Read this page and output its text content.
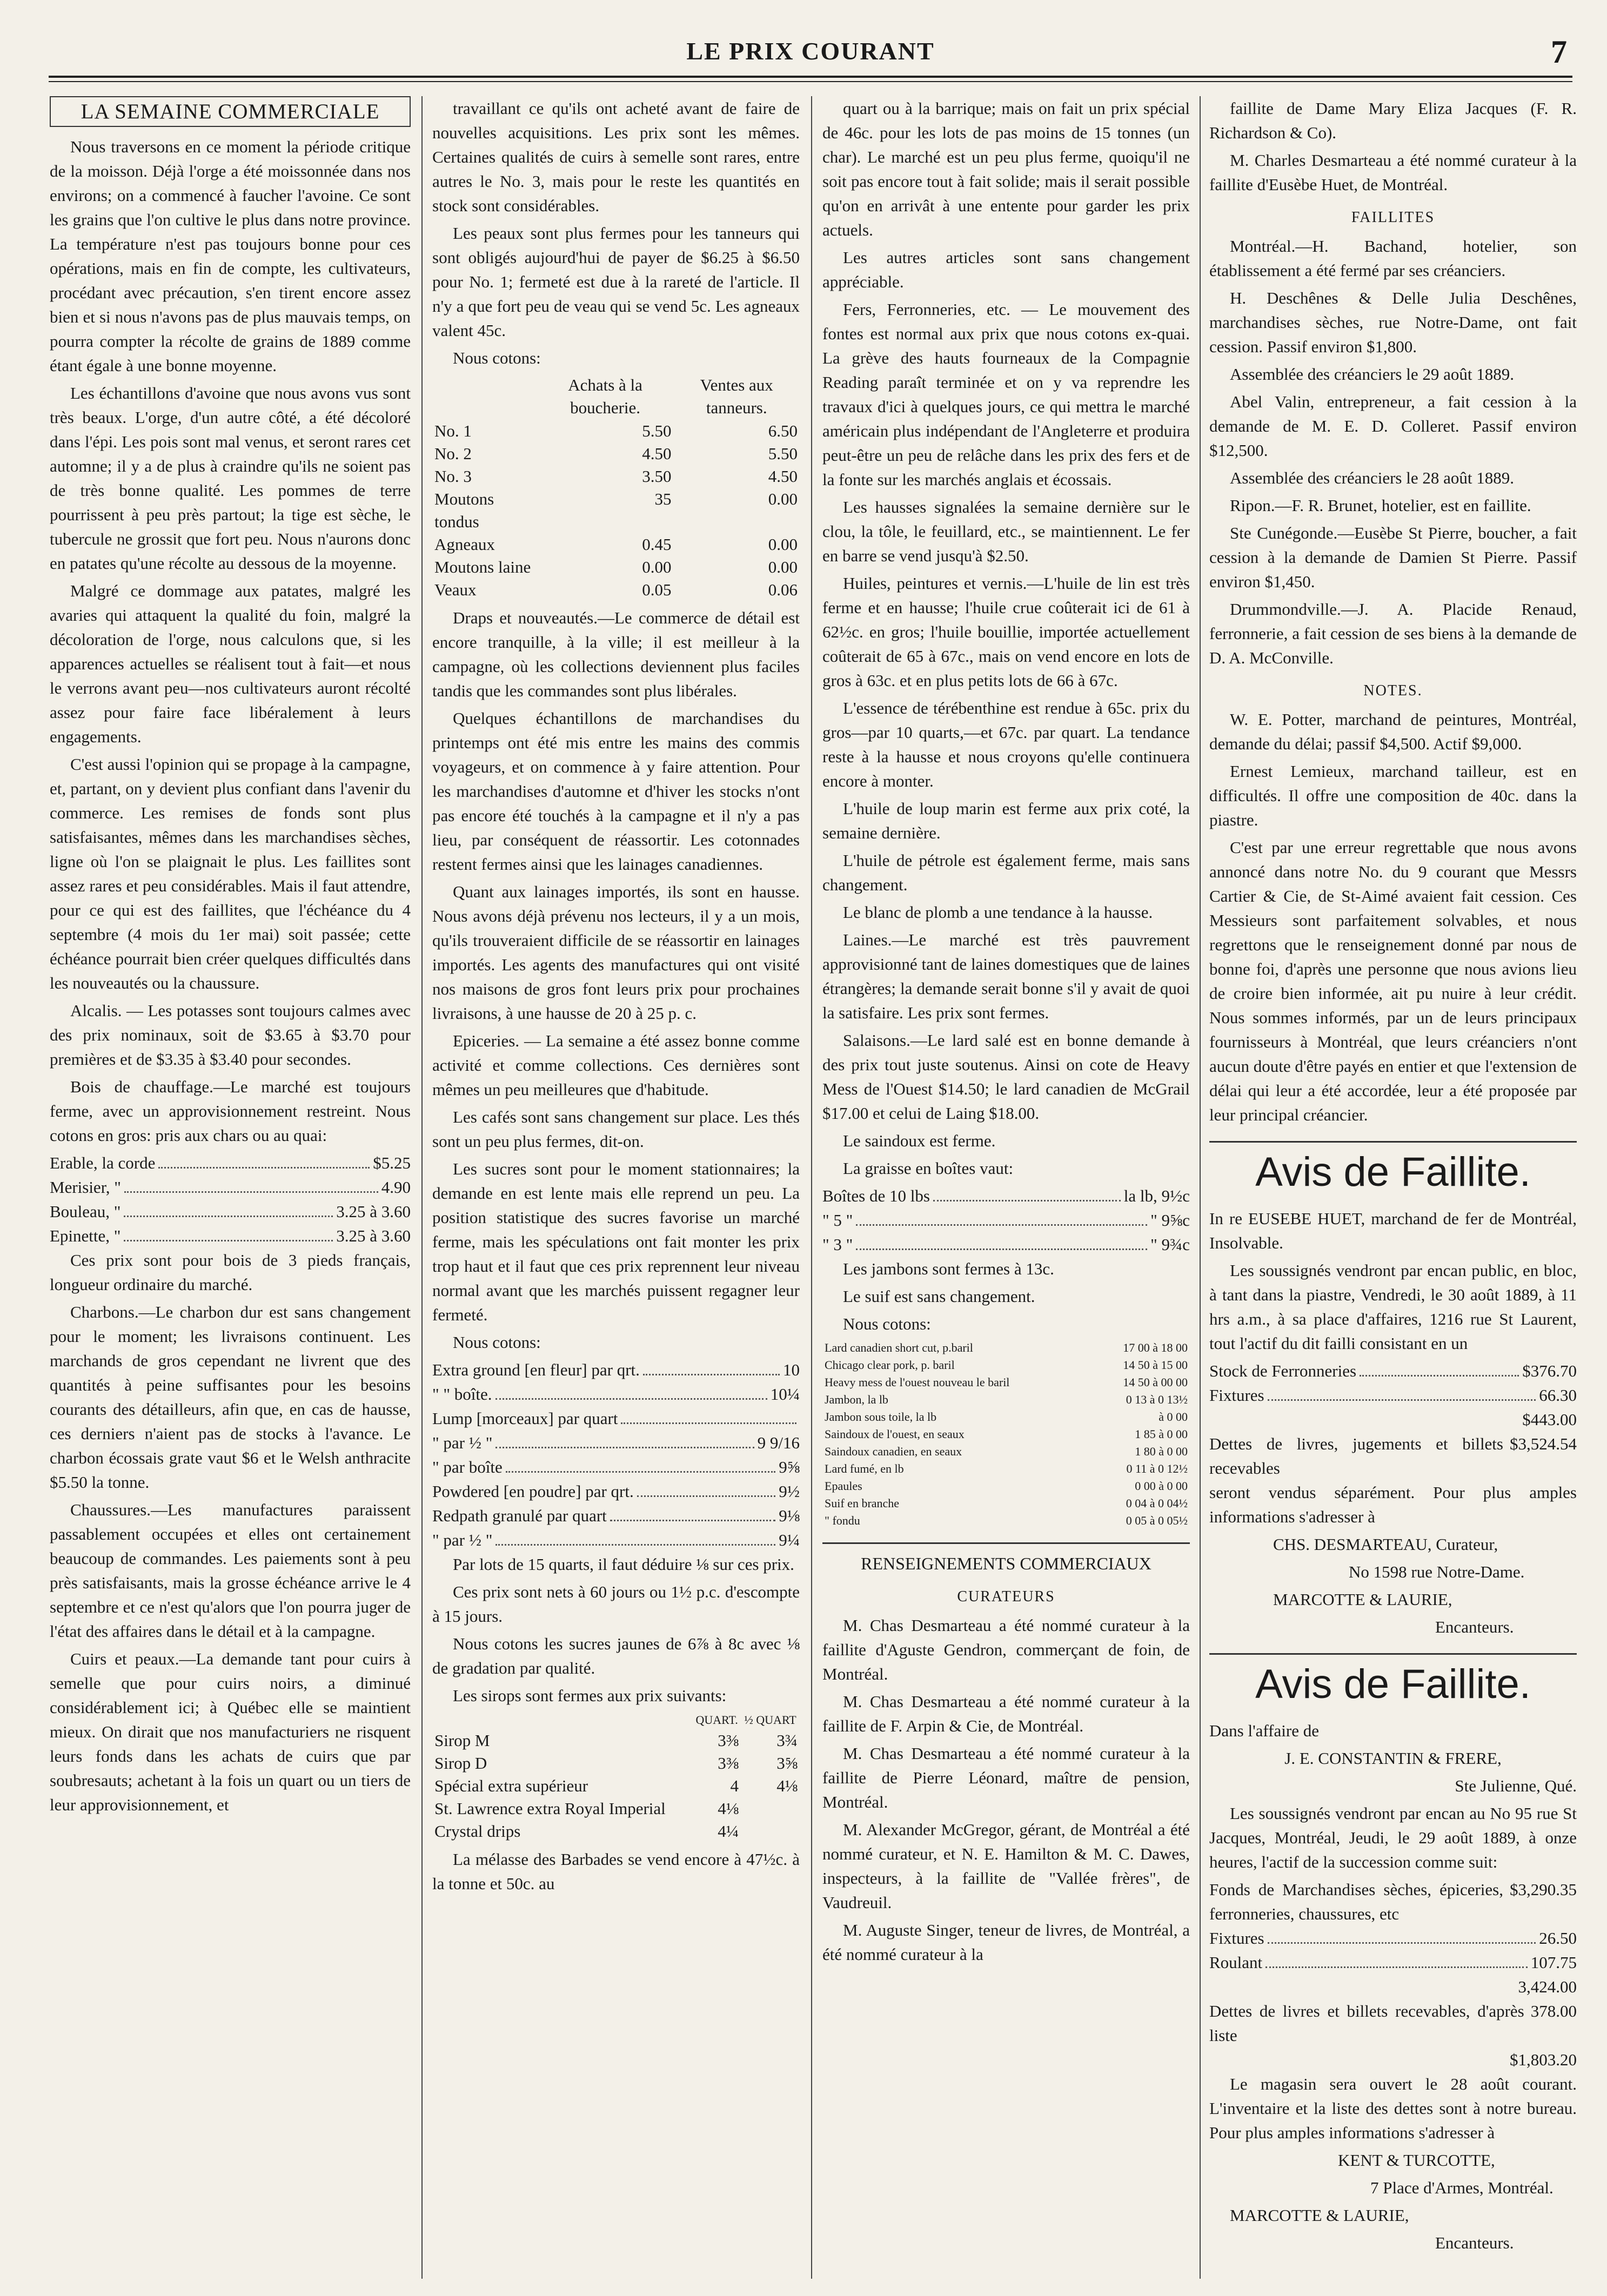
LE PRIX COURANT	7
LA SEMAINE COMMERCIALE

Nous traversons en ce moment la période critique de la moisson. Déjà l'orge a été moissonnée dans nos environs; on a commencé à faucher l'avoine. Ce sont les grains que l'on cultive le plus dans notre province. La température n'est pas toujours bonne pour ces opérations, mais en fin de compte, les cultivateurs, procédant avec précaution, s'en tirent encore assez bien et si nous n'avons pas de plus mauvais temps, on pourra compter la récolte de grains de 1889 comme étant égale à une bonne moyenne.

Les échantillons d'avoine que nous avons vus sont très beaux. L'orge, d'un autre côté, a été décoloré dans l'épi. Les pois sont mal venus, et seront rares cet automne; il y a de plus à craindre qu'ils ne soient pas de très bonne qualité. Les pommes de terre pourrissent à peu près partout; la tige est sèche, le tubercule ne grossit que fort peu. Nous n'aurons donc en patates qu'une récolte au dessous de la moyenne.

Malgré ce dommage aux patates, malgré les avaries qui attaquent la qualité du foin, malgré la décoloration de l'orge, nous calculons que, si les apparences actuelles se réalisent tout à fait—et nous le verrons avant peu—nos cultivateurs auront récolté assez pour faire face libéralement à leurs engagements.

C'est aussi l'opinion qui se propage à la campagne, et, partant, on y devient plus confiant dans l'avenir du commerce. Les remises de fonds sont plus satisfaisantes, mêmes dans les marchandises sèches, ligne où l'on se plaignait le plus. Les faillites sont assez rares et peu considérables. Mais il faut attendre, pour ce qui est des faillites, que l'échéance du 4 septembre (4 mois du 1er mai) soit passée; cette échéance pourrait bien créer quelques difficultés dans les nouveautés ou la chaussure.

Alcalis. — Les potasses sont toujours calmes avec des prix nominaux, soit de $3.65 à $3.70 pour premières et de $3.35 à $3.40 pour secondes.

Bois de chauffage.—Le marché est toujours ferme, avec un approvisionnement restreint. Nous cotons en gros: pris aux chars ou au quai:

Erable, la corde	$5.25
Merisier, "	4.90
Bouleau, "	3.25 à 3.60
Epinette, "	3.25 à 3.60

Ces prix sont pour bois de 3 pieds français, longueur ordinaire du marché.

Charbons.—Le charbon dur est sans changement pour le moment; les livraisons continuent. Les marchands de gros cependant ne livrent que des quantités à peine suffisantes pour les besoins courants des détailleurs, afin que, en cas de hausse, ces derniers n'aient pas de stocks à l'avance. Le charbon écossais grate vaut $6 et le Welsh anthracite $5.50 la tonne.

Chaussures.—Les manufactures paraissent passablement occupées et elles ont certainement beaucoup de commandes. Les paiements sont à peu près satisfaisants, mais la grosse échéance arrive le 4 septembre et ce n'est qu'alors que l'on pourra juger de l'état des affaires dans le détail et à la campagne.

Cuirs et peaux.—La demande tant pour cuirs à semelle que pour cuirs noirs, a diminué considérablement ici; à Québec elle se maintient mieux. On dirait que nos manufacturiers ne risquent leurs fonds dans les achats de cuirs que par soubresauts; achetant à la fois un quart ou un tiers de leur approvisionnement, et

travaillant ce qu'ils ont acheté avant de faire de nouvelles acquisitions. Les prix sont les mêmes. Certaines qualités de cuirs à semelle sont rares, entre autres le No. 3, mais pour le reste les quantités en stock sont considérables.

Les peaux sont plus fermes pour les tanneurs qui sont obligés aujourd'hui de payer de $6.25 à $6.50 pour No. 1; fermeté est due à la rareté de l'article. Il n'y a que fort peu de veau qui se vend 5c. Les agneaux valent 45c.

Nous cotons:

	Achats à la boucherie.	Ventes aux tanneurs.
No. 1	5.50	6.50
No. 2	4.50	5.50
No. 3	3.50	4.50
Moutons tondus	35	0.00
Agneaux	0.45	0.00
Moutons laine	0.00	0.00
Veaux	0.05	0.06

Draps et nouveautés.—Le commerce de détail est encore tranquille, à la ville; il est meilleur à la campagne, où les collections deviennent plus faciles tandis que les commandes sont plus libérales.

Quelques échantillons de marchandises du printemps ont été mis entre les mains des commis voyageurs, et on commence à y faire attention. Pour les marchandises d'automne et d'hiver les stocks n'ont pas encore été touchés à la campagne et il n'y a pas lieu, par conséquent de réassortir. Les cotonnades restent fermes ainsi que les lainages canadiennes.

Quant aux lainages importés, ils sont en hausse. Nous avons déjà prévenu nos lecteurs, il y a un mois, qu'ils trouveraient difficile de se réassortir en lainages importés. Les agents des manufactures qui ont visité nos maisons de gros font leurs prix pour prochaines livraisons, à une hausse de 20 à 25 p. c.

Epiceries. — La semaine a été assez bonne comme activité et comme collections. Ces dernières sont mêmes un peu meilleures que d'habitude.

Les cafés sont sans changement sur place. Les thés sont un peu plus fermes, dit-on.

Les sucres sont pour le moment stationnaires; la demande en est lente mais elle reprend un peu. La position statistique des sucres favorise un marché ferme, mais les spéculations ont fait monter les prix trop haut et il faut que ces prix reprennent leur niveau normal avant que les marchés puissent regagner leur fermeté.

Nous cotons:

Extra ground [en fleur] par qrt.	10
" " boîte.	10¼
Lump [morceaux] par quart
" par ½ "	9 9/16
" par boîte	9⅝
Powdered [en poudre] par qrt.	9½
Redpath granulé par quart	9⅛
" par ½ "	9¼

Par lots de 15 quarts, il faut déduire ⅛ sur ces prix.

Ces prix sont nets à 60 jours ou 1½ p.c. d'escompte à 15 jours.

Nous cotons les sucres jaunes de 6⅞ à 8c avec ⅛ de gradation par qualité.

Les sirops sont fermes aux prix suivants:

	QUART.	½ QUART
Sirop M	3⅜	3¾
Sirop D	3⅜	3⅝
Spécial extra supérieur	4	4⅛
St. Lawrence extra Royal Imperial	4⅛	
Crystal drips	4¼	

La mélasse des Barbades se vend encore à 47½c. à la tonne et 50c. au

quart ou à la barrique; mais on fait un prix spécial de 46c. pour les lots de pas moins de 15 tonnes (un char). Le marché est un peu plus ferme, quoiqu'il ne soit pas encore tout à fait solide; mais il serait possible qu'on en arrivât à une entente pour garder les prix actuels.

Les autres articles sont sans changement appréciable.

Fers, Ferronneries, etc. — Le mouvement des fontes est normal aux prix que nous cotons ex-quai. La grève des hauts fourneaux de la Compagnie Reading paraît terminée et on y va reprendre les travaux d'ici à quelques jours, ce qui mettra le marché américain plus indépendant de l'Angleterre et produira peut-être un peu de relâche dans les prix des fers et de la fonte sur les marchés anglais et écossais.

Les hausses signalées la semaine dernière sur le clou, la tôle, le feuillard, etc., se maintiennent. Le fer en barre se vend jusqu'à $2.50.

Huiles, peintures et vernis.—L'huile de lin est très ferme et en hausse; l'huile crue coûterait ici de 61 à 62½c. en gros; l'huile bouillie, importée actuellement coûterait de 65 à 67c., mais on vend encore en lots de gros à 63c. et en plus petits lots de 66 à 67c.

L'essence de térébenthine est rendue à 65c. prix du gros—par 10 quarts,—et 67c. par quart. La tendance reste à la hausse et nous croyons qu'elle continuera encore à monter.

L'huile de loup marin est ferme aux prix coté, la semaine dernière.

L'huile de pétrole est également ferme, mais sans changement.

Le blanc de plomb a une tendance à la hausse.

Laines.—Le marché est très pauvrement approvisionné tant de laines domestiques que de laines étrangères; la demande serait bonne s'il y avait de quoi la satisfaire. Les prix sont fermes.

Salaisons.—Le lard salé est en bonne demande à des prix tout juste soutenus. Ainsi on cote de Heavy Mess de l'Ouest $14.50; le lard canadien de McGrail $17.00 et celui de Laing $18.00.

Le saindoux est ferme.

La graisse en boîtes vaut:

Boîtes de 10 lbs	la lb, 9½c
" 5 "	" 9⅝c
" 3 "	" 9¾c

Les jambons sont fermes à 13c.

Le suif est sans changement.

Nous cotons:

Lard canadien short cut, p.baril	17 00 à 18 00
Chicago clear pork, p. baril	14 50 à 15 00
Heavy mess de l'ouest nouveau le baril	14 50 à 00 00
Jambon, la lb	0 13 à 0 13½
Jambon sous toile, la lb	à 0 00
Saindoux de l'ouest, en seaux	1 85 à 0 00
Saindoux canadien, en seaux	1 80 à 0 00
Lard fumé, en lb	0 11 à 0 12½
Epaules	0 00 à 0 00
Suif en branche	0 04 à 0 04½
" fondu	0 05 à 0 05½
RENSEIGNEMENTS COMMERCIAUX
CURATEURS

M. Chas Desmarteau a été nommé curateur à la faillite d'Aguste Gendron, commerçant de foin, de Montréal.

M. Chas Desmarteau a été nommé curateur à la faillite de F. Arpin & Cie, de Montréal.

M. Chas Desmarteau a été nommé curateur à la faillite de Pierre Léonard, maître de pension, Montréal.

M. Alexander McGregor, gérant, de Montréal a été nommé curateur, et N. E. Hamilton & M. C. Dawes, inspecteurs, à la faillite de "Vallée frères", de Vaudreuil.

M. Auguste Singer, teneur de livres, de Montréal, a été nommé curateur à la

faillite de Dame Mary Eliza Jacques (F. R. Richardson & Co).

M. Charles Desmarteau a été nommé curateur à la faillite d'Eusèbe Huet, de Montréal.

FAILLITES

Montréal.—H. Bachand, hotelier, son établissement a été fermé par ses créanciers.

H. Deschênes & Delle Julia Deschênes, marchandises sèches, rue Notre-Dame, ont fait cession. Passif environ $1,800.

Assemblée des créanciers le 29 août 1889.

Abel Valin, entrepreneur, a fait cession à la demande de M. E. D. Colleret. Passif environ $12,500.

Assemblée des créanciers le 28 août 1889.

Ripon.—F. R. Brunet, hotelier, est en faillite.

Ste Cunégonde.—Eusèbe St Pierre, boucher, a fait cession à la demande de Damien St Pierre. Passif environ $1,450.

Drummondville.—J. A. Placide Renaud, ferronnerie, a fait cession de ses biens à la demande de D. A. McConville.

NOTES.

W. E. Potter, marchand de peintures, Montréal, demande du délai; passif $4,500. Actif $9,000.

Ernest Lemieux, marchand tailleur, est en difficultés. Il offre une composition de 40c. dans la piastre.

C'est par une erreur regrettable que nous avons annoncé dans notre No. du 9 courant que Messrs Cartier & Cie, de St-Aimé avaient fait cession. Ces Messieurs sont parfaitement solvables, et nous regrettons que le renseignement donné par nous de bonne foi, d'après une personne que nous avions lieu de croire bien informée, ait pu nuire à leur crédit. Nous sommes informés, par un de leurs principaux fournisseurs à Montréal, que leurs créanciers n'ont aucun doute d'être payés en entier et que l'extension de délai qui leur a été accordée, leur a été proposée par leur principal créancier.

Avis de Faillite.

In re EUSEBE HUET, marchand de fer de Montréal, Insolvable.

Les soussignés vendront par encan public, en bloc, à tant dans la piastre, Vendredi, le 30 août 1889, à 11 hrs a.m., à sa place d'affaires, 1216 rue St Laurent, tout l'actif du dit failli consistant en un

Stock de Ferronneries	$376.70
Fixtures	66.30
$443.00
Dettes de livres, jugements et billets recevables
$3,524.54

seront vendus séparément. Pour plus amples informations s'adresser à

CHS. DESMARTEAU, Curateur,

No 1598 rue Notre-Dame.

MARCOTTE & LAURIE,

Encanteurs.

Avis de Faillite.

Dans l'affaire de

J. E. CONSTANTIN & FRERE,

Ste Julienne, Qué.

Les soussignés vendront par encan au No 95 rue St Jacques, Montréal, Jeudi, le 29 août 1889, à onze heures, l'actif de la succession comme suit:

Fonds de Marchandises sèches, épiceries, ferronneries, chaussures, etc
$3,290.35
Fixtures	26.50
Roulant	107.75
3,424.00
Dettes de livres et billets recevables, d'après liste
378.00
$1,803.20

Le magasin sera ouvert le 28 août courant. L'inventaire et la liste des dettes sont à notre bureau. Pour plus amples informations s'adresser à

KENT & TURCOTTE,

7 Place d'Armes, Montréal.

MARCOTTE & LAURIE,

Encanteurs.
